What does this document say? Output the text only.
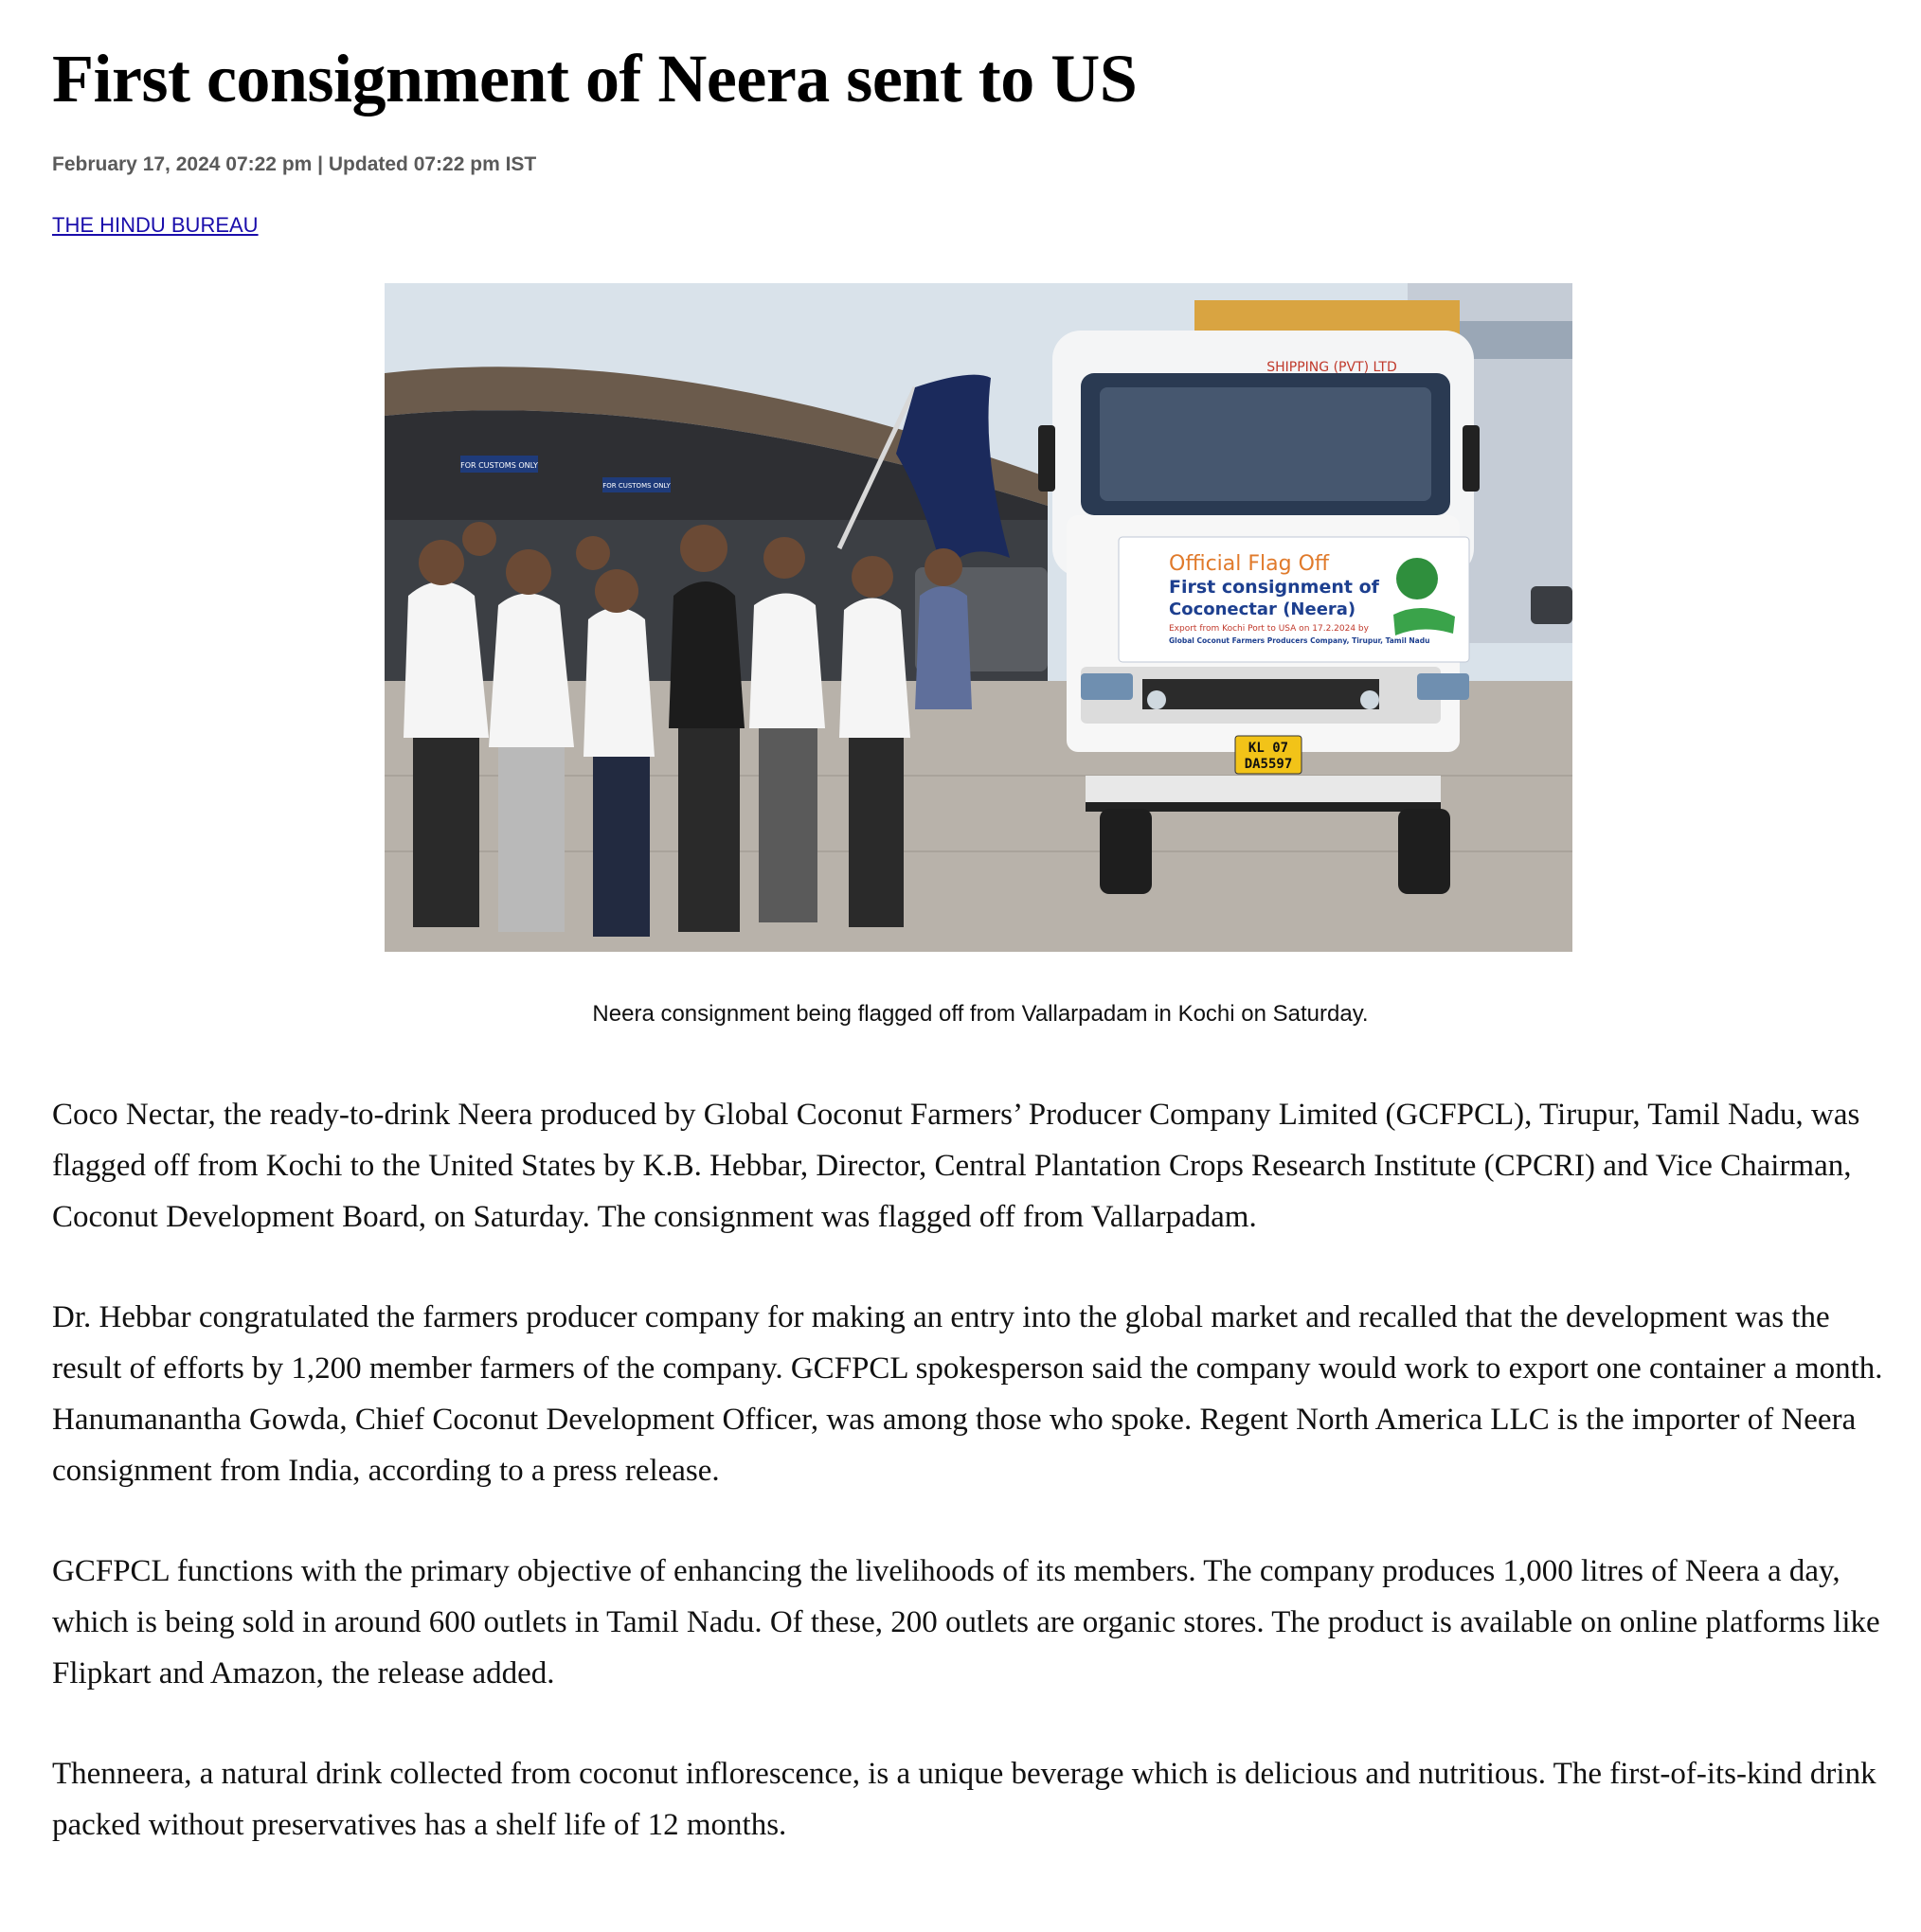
First consignment of Neera sent to US
February 17, 2024 07:22 pm | Updated 07:22 pm IST
THE HINDU BUREAU
FOR CUSTOMS ONLY
FOR CUSTOMS ONLY
SHIPPING (PVT) LTD
Official Flag Off
First consignment of
Coconectar (Neera)
Export from Kochi Port to USA on 17.2.2024 by
Global Coconut Farmers Producers Company, Tirupur, Tamil Nadu
KL 07
DA5597
Neera consignment being flagged off from Vallarpadam in Kochi on Saturday.

Coco Nectar, the ready-to-drink Neera produced by Global Coconut Farmers’ Producer Company Limited (GCFPCL), Tirupur, Tamil Nadu, was flagged off from Kochi to the United States by K.B. Hebbar, Director, Central Plantation Crops Research Institute (CPCRI) and Vice Chairman, Coconut Development Board, on Saturday. The consignment was flagged off from Vallarpadam.

Dr. Hebbar congratulated the farmers producer company for making an entry into the global market and recalled that the development was the result of efforts by 1,200 member farmers of the company. GCFPCL spokesperson said the company would work to export one container a month. Hanumanantha Gowda, Chief Coconut Development Officer, was among those who spoke. Regent North America LLC is the importer of Neera consignment from India, according to a press release.

GCFPCL functions with the primary objective of enhancing the livelihoods of its members. The company produces 1,000 litres of Neera a day, which is being sold in around 600 outlets in Tamil Nadu. Of these, 200 outlets are organic stores. The product is available on online platforms like Flipkart and Amazon, the release added.

Thenneera, a natural drink collected from coconut inflorescence, is a unique beverage which is delicious and nutritious. The first-of-its-kind drink packed without preservatives has a shelf life of 12 months.
